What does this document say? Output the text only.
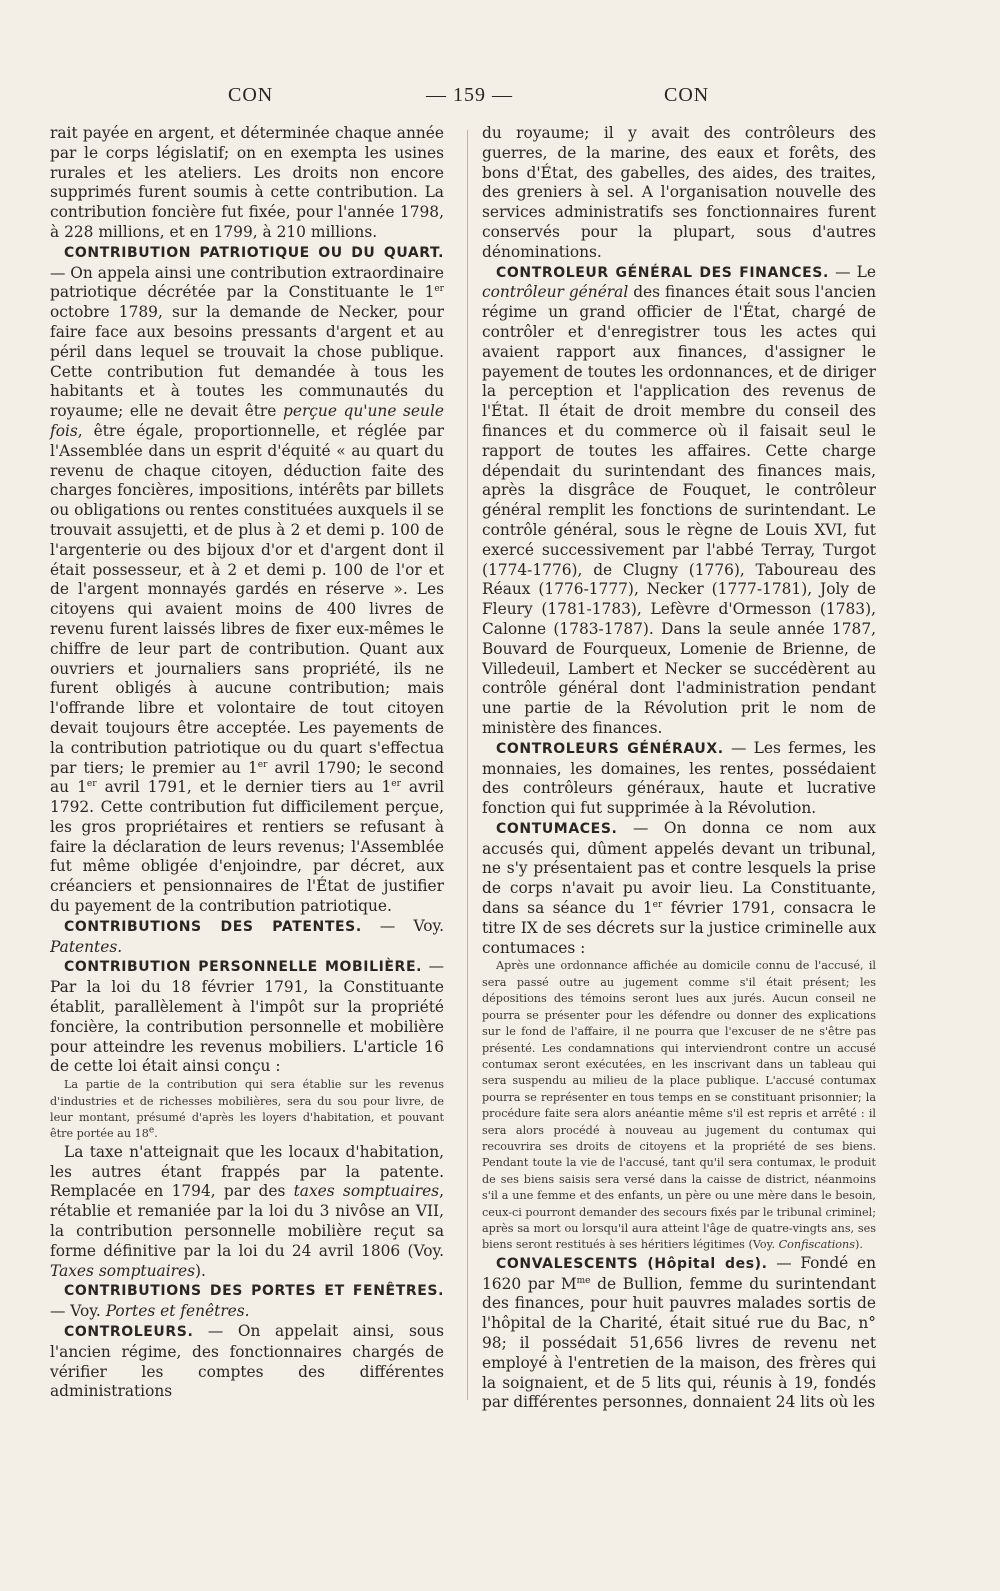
CON	— 159 —	CON

rait payée en argent, et déterminée chaque année par le corps législatif; on en exempta les usines rurales et les ateliers. Les droits non encore supprimés furent soumis à cette contribution. La contribution foncière fut fixée, pour l'année 1798, à 228 millions, et en 1799, à 210 millions.

CONTRIBUTION PATRIOTIQUE OU DU QUART. — On appela ainsi une contribution extraordinaire patriotique décrétée par la Constituante le 1er octobre 1789, sur la demande de Necker, pour faire face aux besoins pressants d'argent et au péril dans lequel se trouvait la chose publique. Cette contribution fut demandée à tous les habitants et à toutes les communautés du royaume; elle ne devait être perçue qu'une seule fois, être égale, proportionnelle, et réglée par l'Assemblée dans un esprit d'équité « au quart du revenu de chaque citoyen, déduction faite des charges foncières, impositions, intérêts par billets ou obligations ou rentes constituées auxquels il se trouvait assujetti, et de plus à 2 et demi p. 100 de l'argenterie ou des bijoux d'or et d'argent dont il était possesseur, et à 2 et demi p. 100 de l'or et de l'argent monnayés gardés en réserve ». Les citoyens qui avaient moins de 400 livres de revenu furent laissés libres de fixer eux-mêmes le chiffre de leur part de contribution. Quant aux ouvriers et journaliers sans propriété, ils ne furent obligés à aucune contribution; mais l'offrande libre et volontaire de tout citoyen devait toujours être acceptée. Les payements de la contribution patriotique ou du quart s'effectua par tiers; le premier au 1er avril 1790; le second au 1er avril 1791, et le dernier tiers au 1er avril 1792. Cette contribution fut difficilement perçue, les gros propriétaires et rentiers se refusant à faire la déclaration de leurs revenus; l'Assemblée fut même obligée d'enjoindre, par décret, aux créanciers et pensionnaires de l'État de justifier du payement de la contribution patriotique.

CONTRIBUTIONS DES PATENTES. — Voy. Patentes.

CONTRIBUTION PERSONNELLE MOBILIÈRE. — Par la loi du 18 février 1791, la Constituante établit, parallèlement à l'impôt sur la propriété foncière, la contribution personnelle et mobilière pour atteindre les revenus mobiliers. L'article 16 de cette loi était ainsi conçu :

La partie de la contribution qui sera établie sur les revenus d'industries et de richesses mobilières, sera du sou pour livre, de leur montant, présumé d'après les loyers d'habitation, et pouvant être portée au 18e.

La taxe n'atteignait que les locaux d'habitation, les autres étant frappés par la patente. Remplacée en 1794, par des taxes somptuaires, rétablie et remaniée par la loi du 3 nivôse an VII, la contribution personnelle mobilière reçut sa forme définitive par la loi du 24 avril 1806 (Voy. Taxes somptuaires).

CONTRIBUTIONS DES PORTES ET FENÊTRES. — Voy. Portes et fenêtres.

CONTROLEURS. — On appelait ainsi, sous l'ancien régime, des fonctionnaires chargés de vérifier les comptes des différentes administrations

du royaume; il y avait des contrôleurs des guerres, de la marine, des eaux et forêts, des bons d'État, des gabelles, des aides, des traites, des greniers à sel. A l'organisation nouvelle des services administratifs ses fonctionnaires furent conservés pour la plupart, sous d'autres dénominations.

CONTROLEUR GÉNÉRAL DES FINANCES. — Le contrôleur général des finances était sous l'ancien régime un grand officier de l'État, chargé de contrôler et d'enregistrer tous les actes qui avaient rapport aux finances, d'assigner le payement de toutes les ordonnances, et de diriger la perception et l'application des revenus de l'État. Il était de droit membre du conseil des finances et du commerce où il faisait seul le rapport de toutes les affaires. Cette charge dépendait du surintendant des finances mais, après la disgrâce de Fouquet, le contrôleur général remplit les fonctions de surintendant. Le contrôle général, sous le règne de Louis XVI, fut exercé successivement par l'abbé Terray, Turgot (1774-1776), de Clugny (1776), Taboureau des Réaux (1776-1777), Necker (1777-1781), Joly de Fleury (1781-1783), Lefèvre d'Ormesson (1783), Calonne (1783-1787). Dans la seule année 1787, Bouvard de Fourqueux, Lomenie de Brienne, de Villedeuil, Lambert et Necker se succédèrent au contrôle général dont l'administration pendant une partie de la Révolution prit le nom de ministère des finances.

CONTROLEURS GÉNÉRAUX. — Les fermes, les monnaies, les domaines, les rentes, possédaient des contrôleurs généraux, haute et lucrative fonction qui fut supprimée à la Révolution.

CONTUMACES. — On donna ce nom aux accusés qui, dûment appelés devant un tribunal, ne s'y présentaient pas et contre lesquels la prise de corps n'avait pu avoir lieu. La Constituante, dans sa séance du 1er février 1791, consacra le titre IX de ses décrets sur la justice criminelle aux contumaces :

Après une ordonnance affichée au domicile connu de l'accusé, il sera passé outre au jugement comme s'il était présent; les dépositions des témoins seront lues aux jurés. Aucun conseil ne pourra se présenter pour les défendre ou donner des explications sur le fond de l'affaire, il ne pourra que l'excuser de ne s'être pas présenté. Les condamnations qui interviendront contre un accusé contumax seront exécutées, en les inscrivant dans un tableau qui sera suspendu au milieu de la place publique. L'accusé contumax pourra se représenter en tous temps en se constituant prisonnier; la procédure faite sera alors anéantie même s'il est repris et arrêté : il sera alors procédé à nouveau au jugement du contumax qui recouvrira ses droits de citoyens et la propriété de ses biens. Pendant toute la vie de l'accusé, tant qu'il sera contumax, le produit de ses biens saisis sera versé dans la caisse de district, néanmoins s'il a une femme et des enfants, un père ou une mère dans le besoin, ceux-ci pourront demander des secours fixés par le tribunal criminel; après sa mort ou lorsqu'il aura atteint l'âge de quatre-vingts ans, ses biens seront restitués à ses héritiers légitimes (Voy. Confiscations).

CONVALESCENTS (Hôpital des). — Fondé en 1620 par $M^{me}$ de Bullion, femme du surintendant des finances, pour huit pauvres malades sortis de l'hôpital de la Charité, était situé rue du Bac, n° 98; il possédait 51,656 livres de revenu net employé à l'entretien de la maison, des frères qui la soignaient, et de 5 lits qui, réunis à 19, fondés par différentes personnes, donnaient 24 lits où les
